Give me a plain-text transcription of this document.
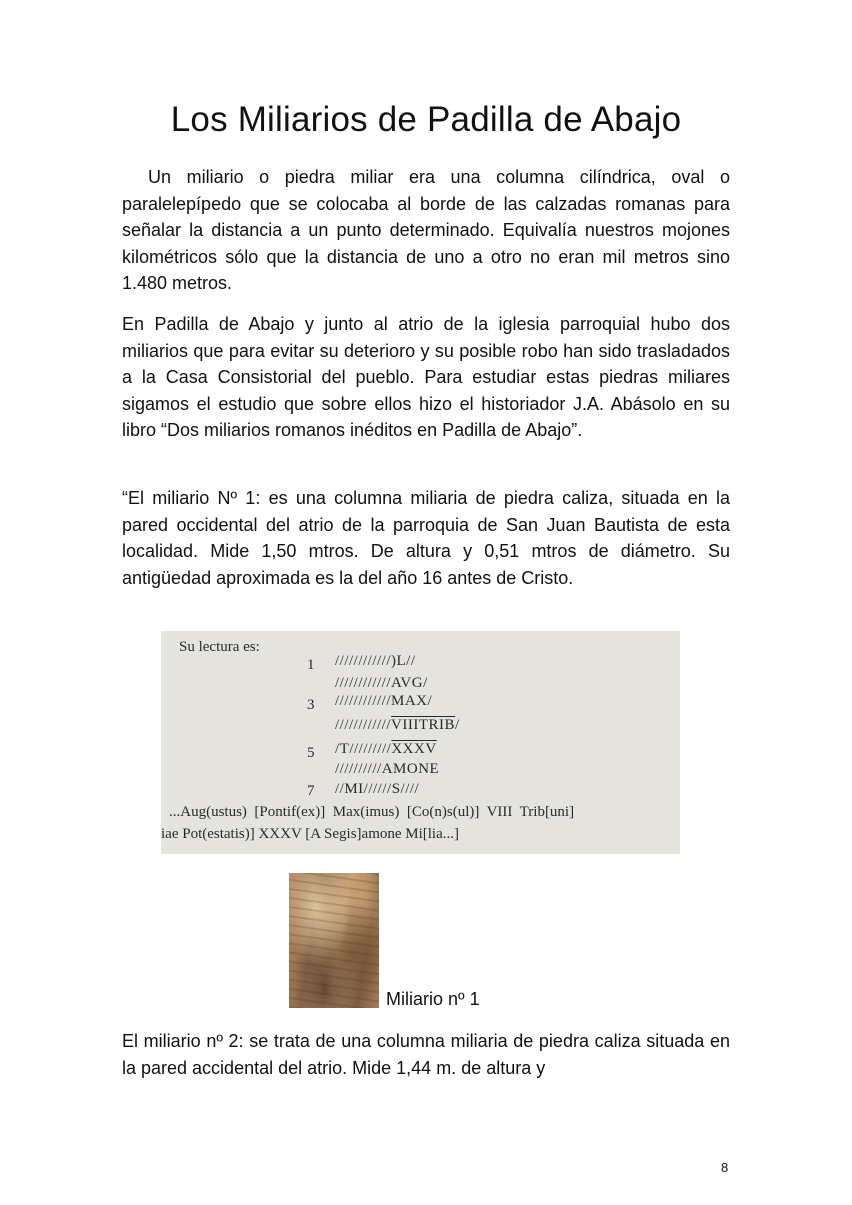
Los Miliarios de Padilla de Abajo

Un miliario o piedra miliar era una columna cilíndrica, oval o paralelepípedo que se colocaba al borde de las calzadas romanas para señalar la distancia a un punto determinado. Equivalía nuestros mojones kilométricos sólo que la distancia de uno a otro no eran mil metros sino 1.480 metros.

En Padilla de Abajo y junto al atrio de la iglesia parroquial hubo dos miliarios que para evitar su deterioro y su posible robo han sido trasladados a la Casa Consistorial del pueblo. Para estudiar estas piedras miliares sigamos el estudio que sobre ellos hizo el historiador J.A. Abásolo en su libro “Dos miliarios romanos inéditos en Padilla de Abajo”.

“El miliario Nº 1: es una columna miliaria de piedra caliza, situada en la pared occidental del atrio de la parroquia de San Juan Bautista de esta localidad. Mide 1,50 mtros. De altura y 0,51 mtros de diámetro. Su antigüedad aproximada es la del año 16 antes de Cristo.

Su lectura es:
1
3
5
7
////////////)L//
////////////AVG/
////////////MAX/
////////////VIIITRIB/
/T/////////XXXV
//////////AMONE
//MI//////S////
...Aug(ustus)  [Pontif(ex)]  Max(imus)  [Co(n)s(ul)]  VIII  Trib[uni]
iae Pot(estatis)] XXXV [A Segis]amone Mi[lia...]
Miliario nº 1

El miliario nº 2: se trata de una columna miliaria de piedra caliza situada en la pared accidental del atrio. Mide 1,44 m. de altura y

8
